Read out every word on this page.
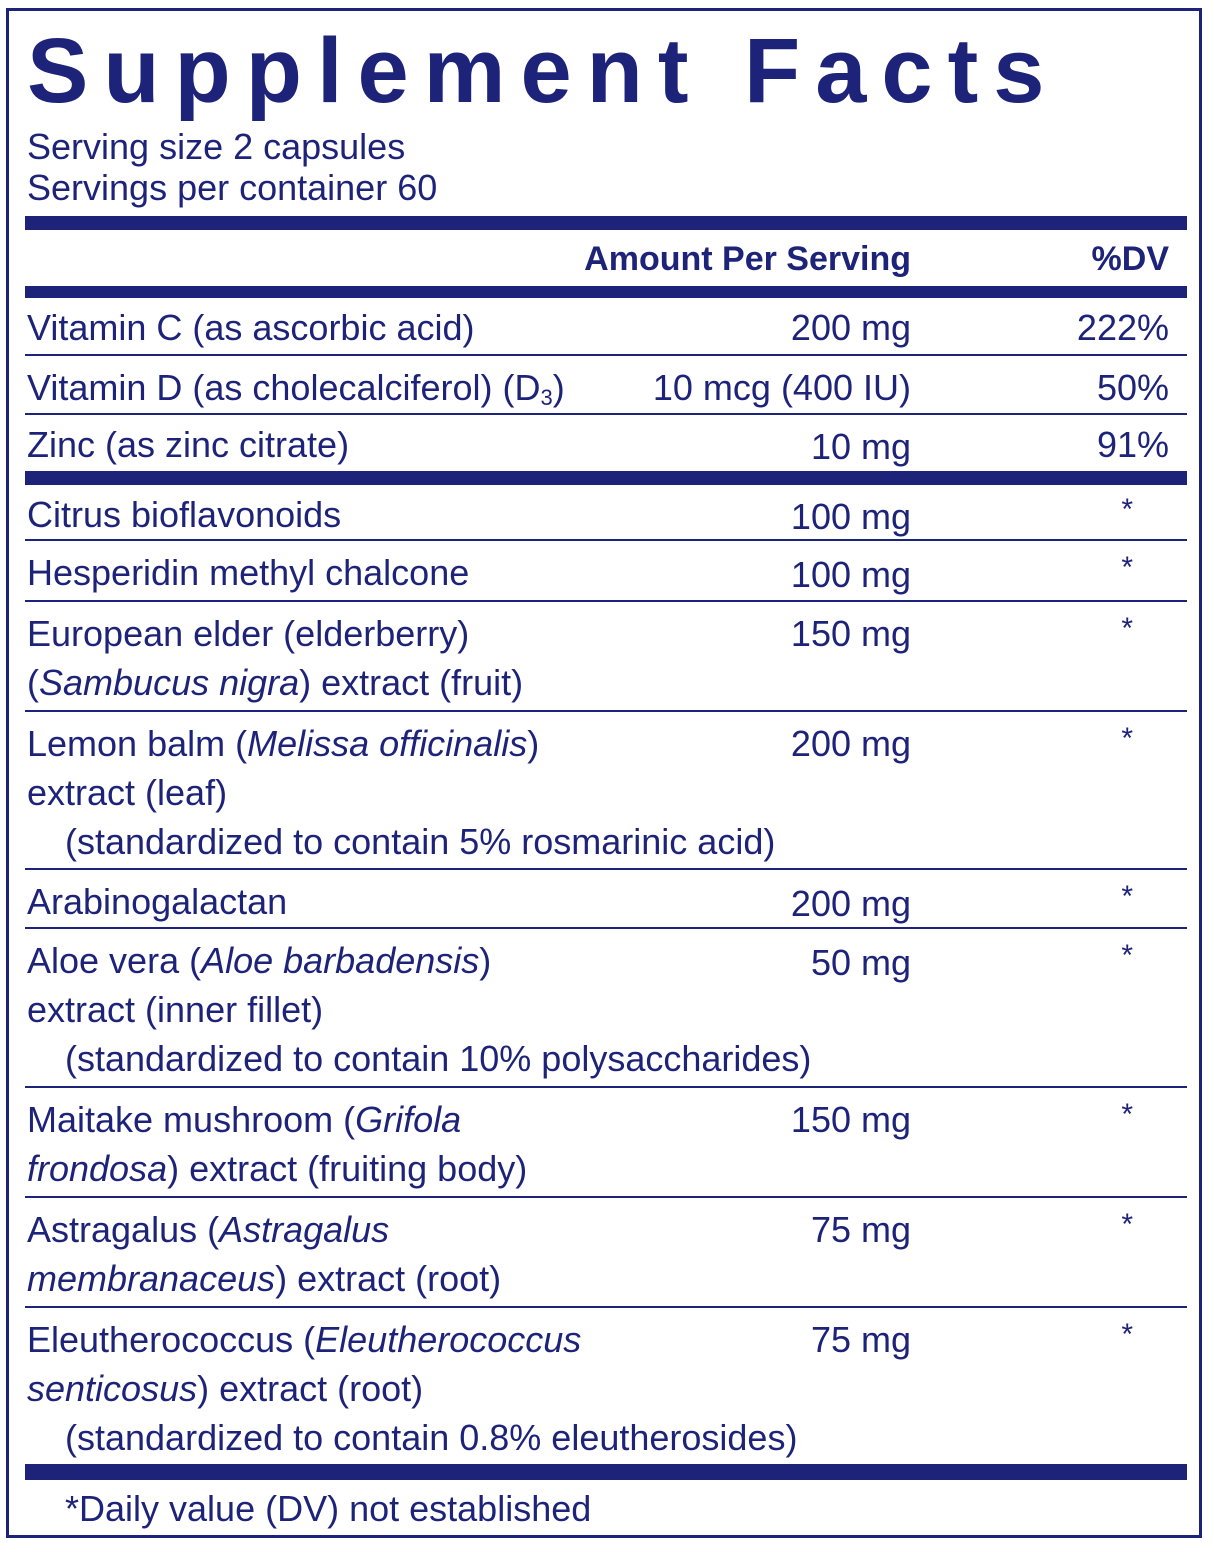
Supplement Facts
Serving size 2 capsules
Servings per container 60
Amount Per Serving	%DV
Vitamin C (as ascorbic acid)	200 mg	222%
Vitamin D (as cholecalciferol) $(D_3)$ 10 mcg (400 IU)	50%
Zinc (as zinc citrate)	10 mg	91%
Citrus bioflavonoids	100 mg	*
Hesperidin methyl chalcone	100 mg	*
European elder (elderberry)
(Sambucus nigra) extract (fruit)
150 mg	*
Lemon balm (Melissa officinalis)
extract (leaf)
(standardized to contain 5% rosmarinic acid)
200 mg	*
Arabinogalactan	200 mg	*
Aloe vera (Aloe barbadensis)
extract (inner fillet)
(standardized to contain 10% polysaccharides)
50 mg	*
Maitake mushroom (Grifola
frondosa) extract (fruiting body)
150 mg	*
Astragalus (Astragalus
membranaceus) extract (root)
75 mg	*
Eleutherococcus (Eleutherococcus
senticosus) extract (root)
(standardized to contain 0.8% eleutherosides)
75 mg	*
*Daily value (DV) not established
